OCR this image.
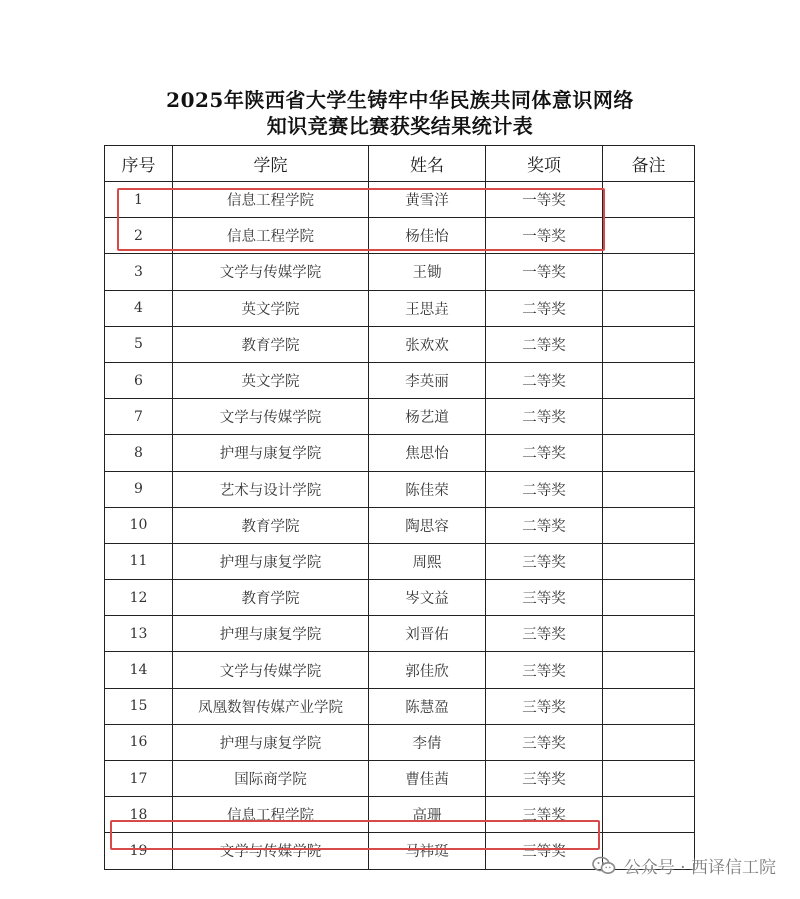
2025年陕西省大学生铸牢中华民族共同体意识网络
知识竞赛比赛获奖结果统计表
序号	学院	姓名	奖项	备注
1	信息工程学院	黄雪洋	一等奖	
2	信息工程学院	杨佳怡	一等奖	
3	文学与传媒学院	王锄	一等奖	
4	英文学院	王思垚	二等奖	
5	教育学院	张欢欢	二等奖	
6	英文学院	李英丽	二等奖	
7	文学与传媒学院	杨艺道	二等奖	
8	护理与康复学院	焦思怡	二等奖	
9	艺术与设计学院	陈佳荣	二等奖	
10	教育学院	陶思容	二等奖	
11	护理与康复学院	周熙	三等奖	
12	教育学院	岑文益	三等奖	
13	护理与康复学院	刘晋佑	三等奖	
14	文学与传媒学院	郭佳欣	三等奖	
15	凤凰数智传媒产业学院	陈慧盈	三等奖	
16	护理与康复学院	李倩	三等奖	
17	国际商学院	曹佳茜	三等奖	
18	信息工程学院	高珊	三等奖	
19	文学与传媒学院	马祎珽	三等奖	
公众号 · 西译信工院
